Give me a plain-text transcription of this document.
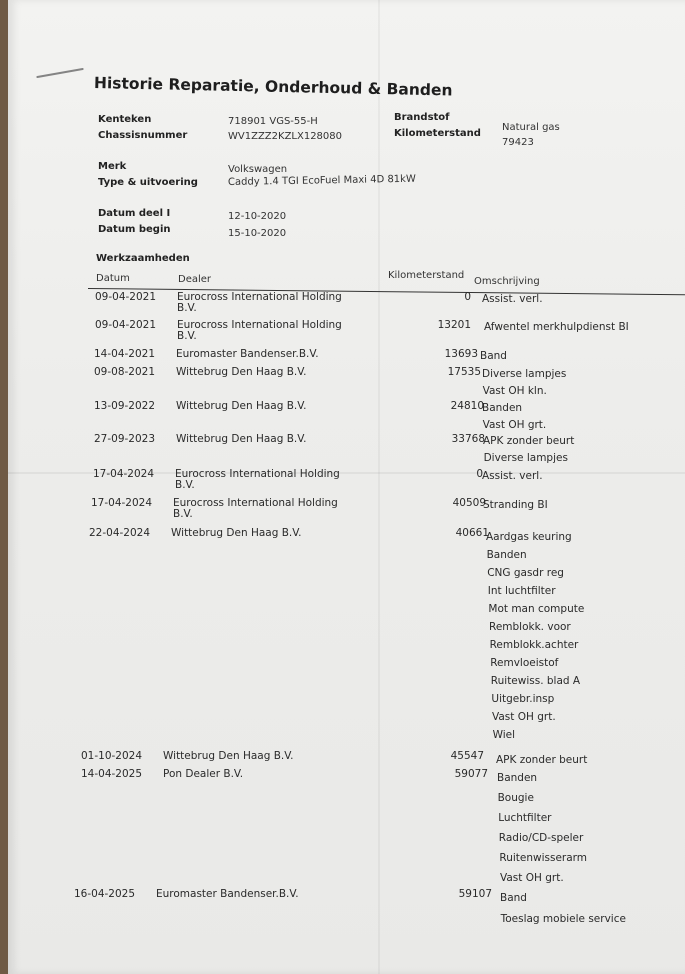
Historie Reparatie, Onderhoud & Banden
Kenteken	718901 VGS-55-H
Chassisnummer	WV1ZZZ2KZLX128080
Brandstof
Natural gas
Kilometerstand
79423
Merk	Volkswagen
Type & uitvoering	Caddy 1.4 TGI EcoFuel Maxi 4D 81kW
Datum deel I	12-10-2020
Datum begin	15-10-2020
Werkzaamheden
Datum	Dealer	Kilometerstand
Omschrijving
09-04-2021 Eurocross International Holding
B.V.
0 Assist. verl.
09-04-2021 Eurocross International Holding
B.V.
13201 Afwentel merkhulpdienst BI
14-04-2021 Euromaster Bandenser.B.V.	13693 Band
09-08-2021 Wittebrug Den Haag B.V.	17535 Diverse lampjes
Vast OH kln.
13-09-2022 Wittebrug Den Haag B.V.	24810
Banden
Vast OH grt.
27-09-2023 Wittebrug Den Haag B.V.	33768
APK zonder beurt
Diverse lampjes
17-04-2024 Eurocross International Holding
B.V.
0 Assist. verl.
17-04-2024 Eurocross International Holding
B.V.
40509
Stranding BI
22-04-2024 Wittebrug Den Haag B.V.	40661
Aardgas keuring
Banden
CNG gasdr reg
Int luchtfilter
Mot man compute
Remblokk. voor
Remblokk.achter
Remvloeistof
Ruitewiss. blad A
Uitgebr.insp
Vast OH grt.
Wiel
01-10-2024 Wittebrug Den Haag B.V.	45547 APK zonder beurt
14-04-2025 Pon Dealer B.V.	59077 Banden
Bougie
Luchtfilter
Radio/CD-speler
Ruitenwisserarm
Vast OH grt.
16-04-2025 Euromaster Bandenser.B.V.	59107 Band
Toeslag mobiele service
